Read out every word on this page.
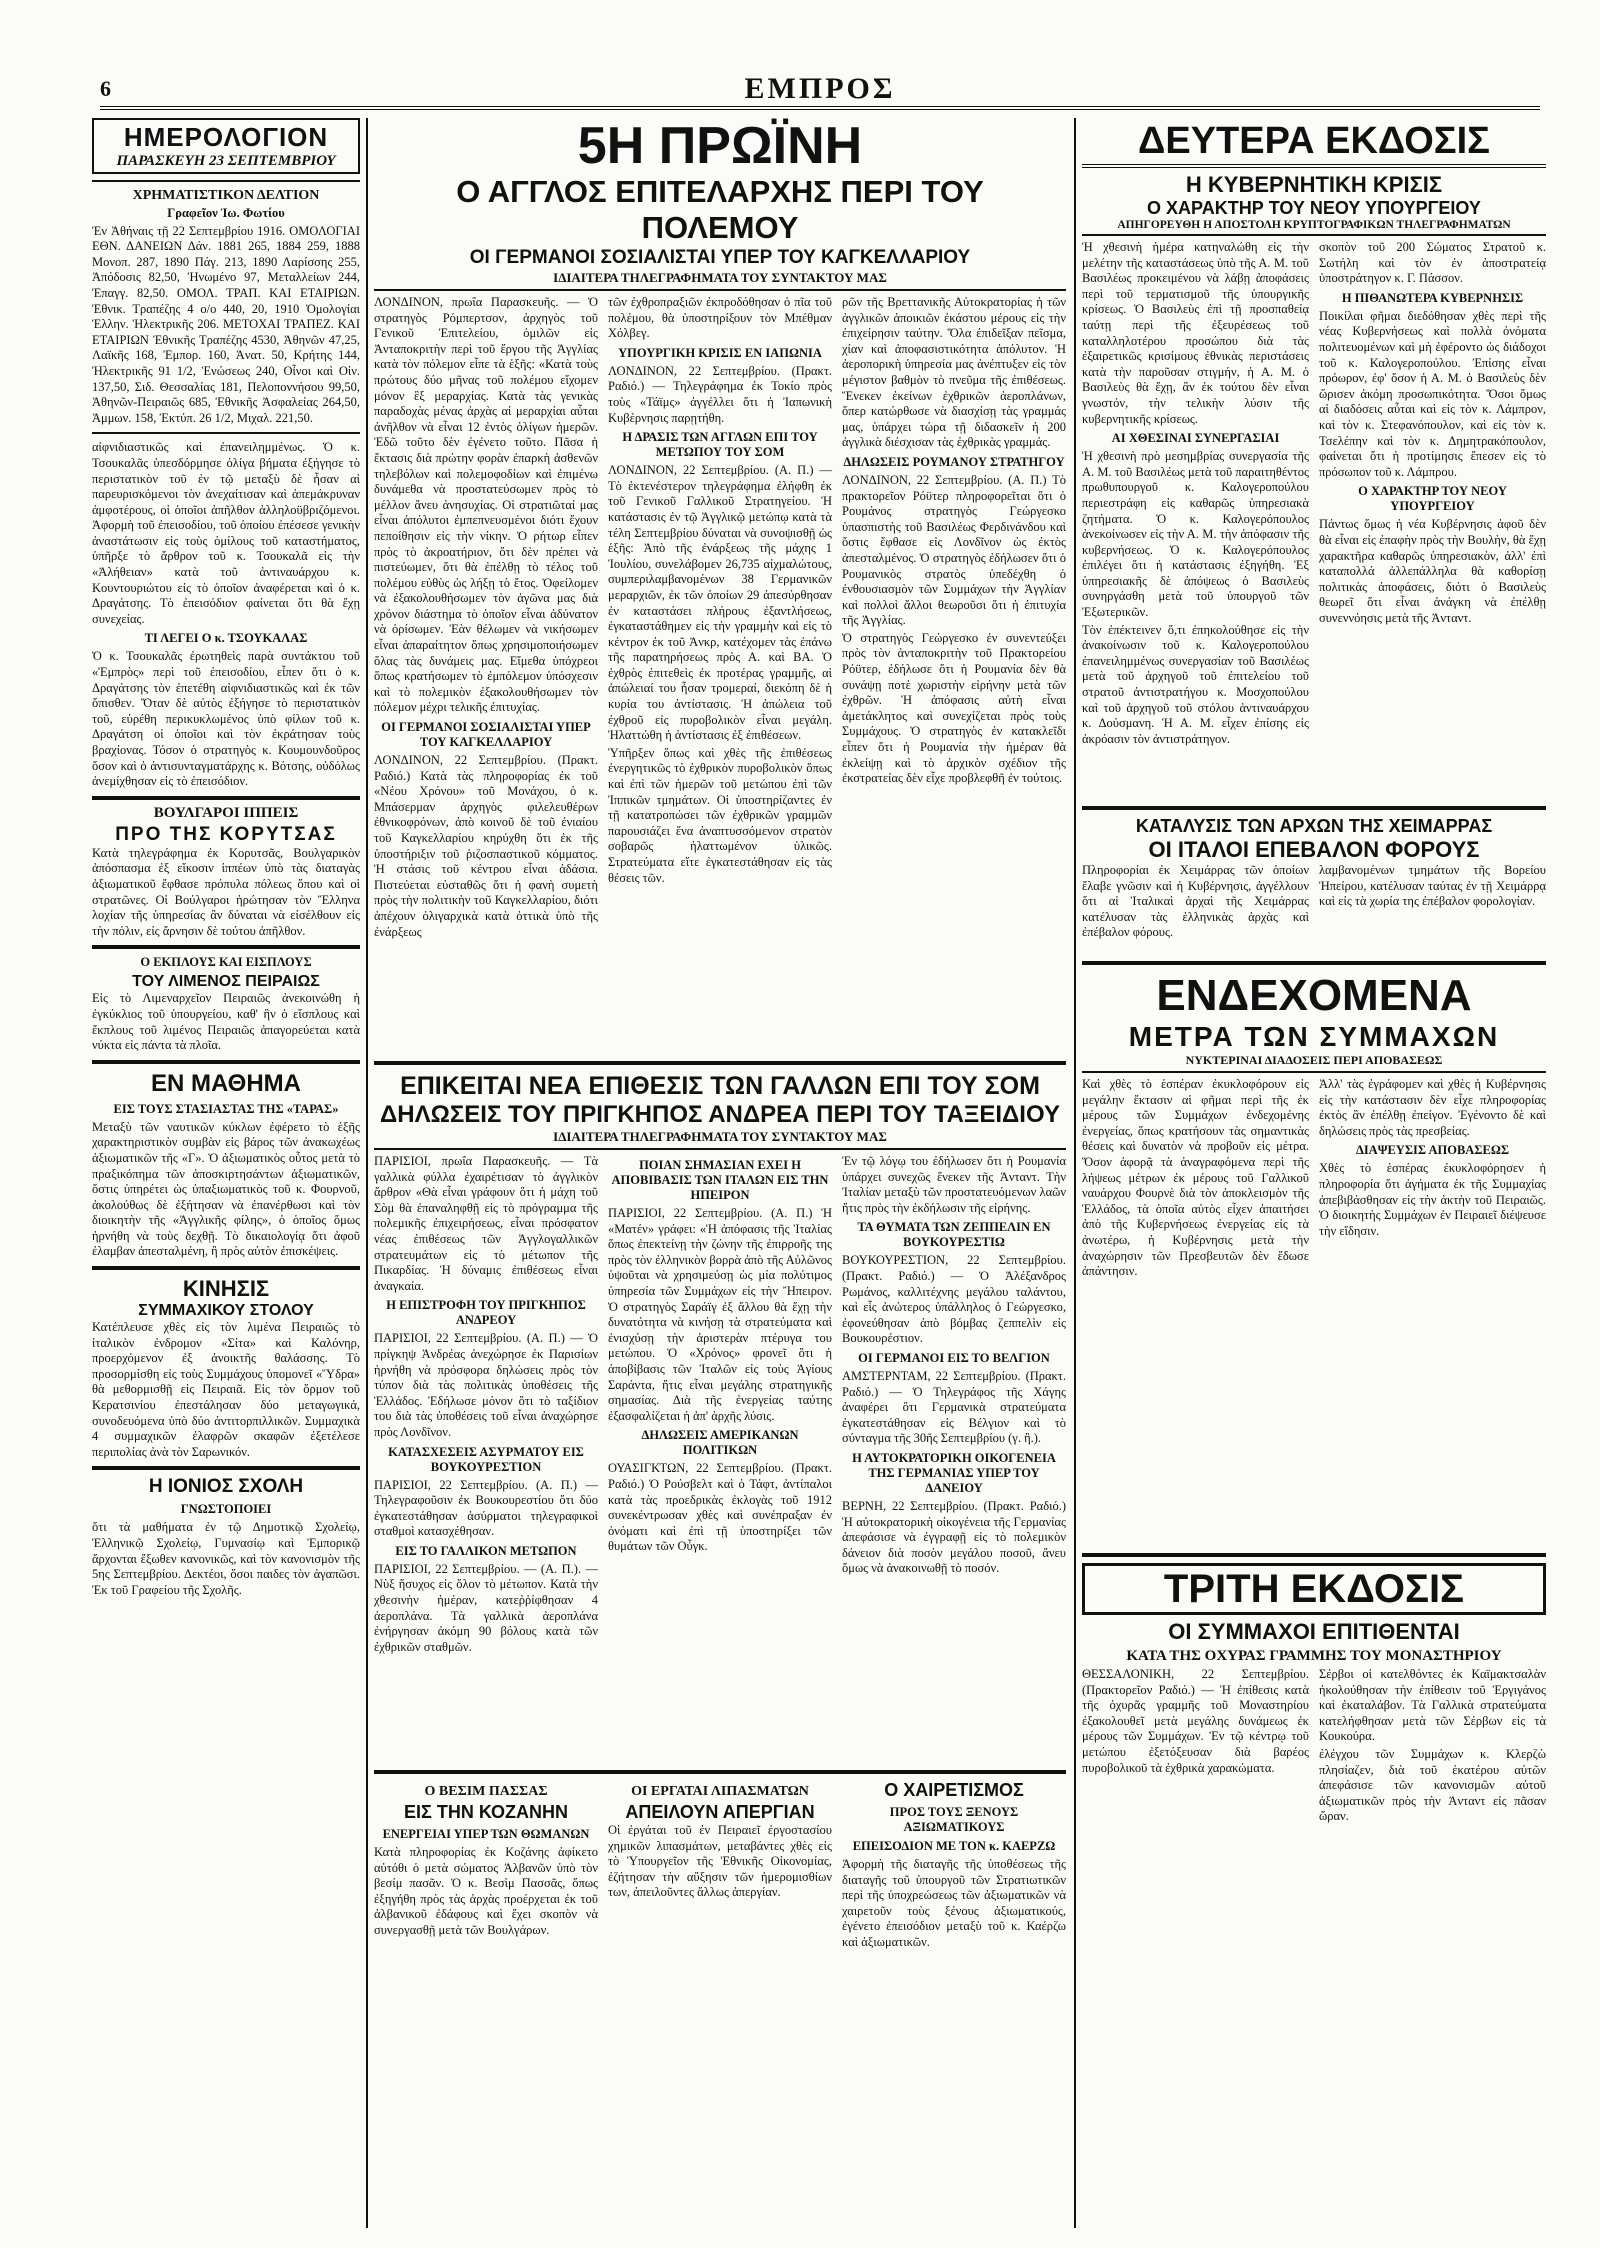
6	ΕΜΠΡΟΣ
ΗΜΕΡΟΛΟΓΙΟΝ
ΠΑΡΑΣΚΕΥΗ 23 ΣΕΠΤΕΜΒΡΙΟΥ
ΧΡΗΜΑΤΙΣΤΙΚΟΝ ΔΕΛΤΙΟΝ

Γραφεῖον Ἰω. Φωτίου

Ἐν Ἀθήναις τῇ 22 Σεπτεμβρίου 1916. ΟΜΟΛΟΓΙΑΙ ΕΘΝ. ΔΑΝΕΙΩΝ Δάν. 1881 265, 1884 259, 1888 Μονοπ. 287, 1890 Πάγ. 213, 1890 Λαρίσσης 255, Ἀπόδοσις 82,50, Ἠνωμένο 97, Μεταλλείων 244, Ἐπαγγ. 82,50. ΟΜΟΛ. ΤΡΑΠ. ΚΑΙ ΕΤΑΙΡΙΩΝ. Ἐθνικ. Τραπέζης 4 ο/ο 440, 20, 1910 Ὁμολογίαι Ἑλλην. Ἠλεκτρικῆς 206. ΜΕΤΟΧΑΙ ΤΡΑΠΕΖ. ΚΑΙ ΕΤΑΙΡΙΩΝ Ἐθνικῆς Τραπέζης 4530, Ἀθηνῶν 47,25, Λαϊκῆς 168, Ἐμπορ. 160, Ἀνατ. 50, Κρήτης 144, Ἠλεκτρικῆς 91 1/2, Ἑνώσεως 240, Οἶνοι καὶ Οἰν. 137,50, Σιδ. Θεσσαλίας 181, Πελοποννήσου 99,50, Ἀθηνῶν-Πειραιῶς 685, Ἐθνικῆς Ἀσφαλείας 264,50, Ἀμμων. 158, Ἐκτύπ. 26 1/2, Μιχαλ. 221,50.

αἰφνιδιαστικῶς καὶ ἐπανειλημμένως. Ὁ κ. Τσουκαλᾶς ὑπεσδόρμησε ὀλίγα βήματα ἐξήγησε τὸ περιστατικὸν τοῦ ἐν τῷ μεταξὺ δὲ ἦσαν αἱ παρευρισκόμενοι τὸν ἀνεχαίτισαν καὶ ἀπεμάκρυναν ἀμφοτέρους, οἱ ὁποῖοι ἀπῆλθον ἀλληλοϋβριζόμενοι. Ἀφορμὴ τοῦ ἐπεισοδίου, τοῦ ὁποίου ἐπέσεσε γενικὴν ἀναστάτωσιν εἰς τοὺς ὁμίλους τοῦ καταστήματος, ὑπῆρξε τὸ ἄρθρον τοῦ κ. Τσουκαλᾶ εἰς τὴν «Ἀλήθειαν» κατὰ τοῦ ἀντιναυάρχου κ. Κουντουριώτου εἰς τὸ ὁποῖον ἀναφέρεται καὶ ὁ κ. Δραγάτσης. Τὸ ἐπεισόδιον φαίνεται ὅτι θὰ ἔχῃ συνεχείας.

ΤΙ ΛΕΓΕΙ Ο κ. ΤΣΟΥΚΑΛΑΣ

Ὁ κ. Τσουκαλᾶς ἐρωτηθεὶς παρὰ συντάκτου τοῦ «Ἐμπρὸς» περὶ τοῦ ἐπεισοδίου, εἶπεν ὅτι ὁ κ. Δραγάτσης τὸν ἐπετέθη αἰφνιδιαστικῶς καὶ ἐκ τῶν ὄπισθεν. Ὅταν δὲ αὐτὸς ἐξήγησε τὸ περιστατικὸν τοῦ, εὑρέθη περικυκλωμένος ὑπὸ φίλων τοῦ κ. Δραγάτση οἱ ὁποῖοι καὶ τὸν ἐκράτησαν τοὺς βραχίονας. Τόσον ὁ στρατηγὸς κ. Κουμουνδοῦρος ὅσον καὶ ὁ ἀντισυνταγματάρχης κ. Βότσης, οὐδόλως ἀνεμίχθησαν εἰς τὸ ἐπεισόδιον.

ΒΟΥΛΓΑΡΟΙ ΙΠΠΕΙΣ
ΠΡΟ ΤΗΣ ΚΟΡΥΤΣΑΣ

Κατὰ τηλεγράφημα ἐκ Κορυτσᾶς, Βουλγαρικὸν ἀπόσπασμα ἐξ εἴκοσιν ἱππέων ὑπὸ τὰς διαταγὰς ἀξιωματικοῦ ἔφθασε πρόπυλα πόλεως ὅπου καὶ οἱ στρατῶνες. Οἱ Βούλγαροι ἠρώτησαν τὸν Ἕλληνα λοχίαν τῆς ὑπηρεσίας ἂν δύναται νὰ εἰσέλθουν εἰς τὴν πόλιν, εἰς ἄρνησιν δὲ τούτου ἀπῆλθον.

Ο ΕΚΠΛΟΥΣ ΚΑΙ ΕΙΣΠΛΟΥΣ
ΤΟΥ ΛΙΜΕΝΟΣ ΠΕΙΡΑΙΩΣ

Εἰς τὸ Λιμεναρχεῖον Πειραιῶς ἀνεκοινώθη ἡ ἐγκύκλιος τοῦ ὑπουργείου, καθ' ἣν ὁ εἴσπλους καὶ ἔκπλους τοῦ λιμένος Πειραιῶς ἀπαγορεύεται κατὰ νύκτα εἰς πάντα τὰ πλοῖα.

ΕΝ ΜΑΘΗΜΑ
ΕΙΣ ΤΟΥΣ ΣΤΑΣΙΑΣΤΑΣ ΤΗΣ «ΤΑΡΑΣ»

Μεταξὺ τῶν ναυτικῶν κύκλων ἐφέρετο τὸ ἑξῆς χαρακτηριστικὸν συμβὰν εἰς βάρος τῶν ἀνακωχέως ἀξιωματικῶν τῆς «Γ». Ὁ ἀξιωματικὸς οὗτος μετὰ τὸ πραξικόπημα τῶν ἀποσκιρτησάντων ἀξιωματικῶν, ὅστις ὑπηρέτει ὡς ὑπαξιωματικὸς τοῦ κ. Φουρνοῦ, ἀκολούθως δὲ ἐξήτησαν νὰ ἐπανέρθωσι καὶ τὸν διοικητὴν τῆς «Ἀγγλικῆς φίλης», ὁ ὁποῖος ὅμως ἠρνήθη νὰ τοὺς δεχθῇ. Τὸ δικαιολογίᾳ ὅτι ἀφοῦ ἐλαμβαν ἀπεσταλμένη, ἢ πρὸς αὐτὸν ἐπισκέψεις.

ΚΙΝΗΣΙΣ
ΣΥΜΜΑΧΙΚΟΥ ΣΤΟΛΟΥ

Κατέπλευσε χθὲς εἰς τὸν λιμένα Πειραιῶς τὸ ἰταλικὸν ἐνδρομον «Σίτα» καὶ Καλόνηρ, προερχόμενον ἐξ ἀνοικτῆς θαλάσσης. Τὸ προσορμίσθη εἰς τοὺς Συμμάχους ὑπομονεῖ «Ὕδρα» θὰ μεθορμισθῇ εἰς Πειραιᾶ. Εἰς τὸν ὅρμον τοῦ Κερατσινίου ἐπεστάλησαν δύο μεταγωγικά, συνοδευόμενα ὑπὸ δύο ἀντιτορπιλλικῶν. Συμμαχικὰ 4 συμμαχικῶν ἐλαφρῶν σκαφῶν ἐξετέλεσε περιπολίας ἀνὰ τὸν Σαρωνικόν.

Η ΙΟΝΙΟΣ ΣΧΟΛΗ
ΓΝΩΣΤΟΠΟΙΕΙ

ὅτι τὰ μαθήματα ἐν τῷ Δημοτικῷ Σχολείῳ, Ἑλληνικῷ Σχολείῳ, Γυμνασίῳ καὶ Ἐμπορικῷ ἄρχονται ἔξωθεν κανονικῶς, καὶ τὸν κανονισμὸν τῆς 5ης Σεπτεμβρίου. Δεκτέοι, ὅσοι παιδες τὸν ἀγαπῶσι. Ἐκ τοῦ Γραφείου τῆς Σχολῆς.

5Η ΠΡΩΪΝΗ
Ο ΑΓΓΛΟΣ ΕΠΙΤΕΛΑΡΧΗΣ ΠΕΡΙ ΤΟΥ ΠΟΛΕΜΟΥ
ΟΙ ΓΕΡΜΑΝΟΙ ΣΟΣΙΑΛΙΣΤΑΙ ΥΠΕΡ ΤΟΥ ΚΑΓΚΕΛΛΑΡΙΟΥ
ΙΔΙΑΙΤΕΡΑ ΤΗΛΕΓΡΑΦΗΜΑΤΑ ΤΟΥ ΣΥΝΤΑΚΤΟΥ ΜΑΣ

ΛΟΝΔΙΝΟΝ, πρωΐα Παρασκευῆς. — Ὁ στρατηγὸς Ρόμπερτσον, ἀρχηγὸς τοῦ Γενικοῦ Ἐπιτελείου, ὁμιλῶν εἰς Ἀνταποκριτὴν περὶ τοῦ ἔργου τῆς Ἀγγλίας κατὰ τὸν πόλεμον εἶπε τὰ ἑξῆς: «Κατὰ τοὺς πρώτους δύο μῆνας τοῦ πολέμου εἴχομεν μόνον ἓξ μεραρχίας. Κατὰ τὰς γενικὰς παραδοχὰς μένας ἀρχὰς αἱ μεραρχίαι αὗται ἀνῆλθον νὰ εἶναι 12 ἐντὸς ὀλίγων ἡμερῶν. Ἐδῶ τοῦτο δὲν ἐγένετο τοῦτο. Πᾶσα ἡ ἔκτασις διὰ πρώτην φορὰν ἐπαρκὴ ἀσθενῶν τηλεβόλων καὶ πολεμοφοδίων καὶ ἐπιμένω δυνάμεθα νὰ προστατεύσωμεν πρὸς τὸ μέλλον ἄνευ ἀνησυχίας. Οἱ στρατιῶταί μας εἶναι ἀπόλυτοι ἐμπεπνευσμένοι διότι ἔχουν πεποίθησιν εἰς τὴν νίκην. Ὁ ρήτωρ εἶπεν πρὸς τὸ ἀκροατήριον, ὅτι δὲν πρέπει νὰ πιστεύωμεν, ὅτι θὰ ἐπέλθῃ τὸ τέλος τοῦ πολέμου εὐθὺς ὡς λήξῃ τὸ ἔτος. Ὀφείλομεν νὰ ἐξακολουθήσωμεν τὸν ἀγῶνα μας διὰ χρόνον διάστημα τὸ ὁποῖον εἶναι ἀδύνατον νὰ ὁρίσωμεν. Ἐὰν θέλωμεν νὰ νικήσωμεν εἶναι ἀπαραίτητον ὅπως χρησιμοποιήσωμεν ὅλας τὰς δυνάμεις μας. Εἴμεθα ὑπόχρεοι ὅπως κρατήσωμεν τὸ ἐμπόλεμον ὑπόσχεσιν καὶ τὸ πολεμικὸν ἐξακολουθήσωμεν τὸν πόλεμον μέχρι τελικῆς ἐπιτυχίας.

ΟΙ ΓΕΡΜΑΝΟΙ ΣΟΣΙΑΛΙΣΤΑΙ ΥΠΕΡ ΤΟΥ ΚΑΓΚΕΛΛΑΡΙΟΥ

ΛΟΝΔΙΝΟΝ, 22 Σεπτεμβρίου. (Πρακτ. Ραδιό.) Κατὰ τὰς πληροφορίας ἐκ τοῦ «Νέου Χρόνου» τοῦ Μονάχου, ὁ κ. Μπάσερμαν ἀρχηγὸς φιλελευθέρων ἐθνικοφρόνων, ἀπὸ κοινοῦ δὲ τοῦ ἐνιαίου τοῦ Καγκελλαρίου κηρύχθη ὅτι ἐκ τῆς ὑποστήριξιν τοῦ ῥιζοσπαστικοῦ κόμματος. Ἡ στάσις τοῦ κέντρου εἶναι ἀδάσια. Πιστεύεται εὐσταθῶς ὅτι ἡ φανὴ συμετὴ πρὸς τὴν πολιτικὴν τοῦ Καγκελλαρίου, διότι ἀπέχουν ὀλιγαρχικὰ κατὰ ὀττικὰ ὑπὸ τῆς ἐνάρξεως

τῶν ἐχθροπραξιῶν ἐκπροδόθησαν ὁ πῖα τοῦ πολέμου, θὰ ὑποστηρίξουν τὸν Μπέθμαν Χόλβεγ.

ΥΠΟΥΡΓΙΚΗ ΚΡΙΣΙΣ ΕΝ ΙΑΠΩΝΙΑ

ΛΟΝΔΙΝΟΝ, 22 Σεπτεμβρίου. (Πρακτ. Ραδιό.) — Τηλεγράφημα ἐκ Τοκίο πρὸς τοὺς «Τάϊμς» ἀγγέλλει ὅτι ἡ Ἰαπωνικὴ Κυβέρνησις παρῃτήθη.

Η ΔΡΑΣΙΣ ΤΩΝ ΑΓΓΛΩΝ ΕΠΙ ΤΟΥ ΜΕΤΩΠΟΥ ΤΟΥ ΣΟΜ

ΛΟΝΔΙΝΟΝ, 22 Σεπτεμβρίου. (Α. Π.) — Τὸ ἐκτενέστερον τηλεγράφημα ἐλήφθη ἐκ τοῦ Γενικοῦ Γαλλικοῦ Στρατηγείου. Ἡ κατάστασις ἐν τῷ Ἀγγλικῷ μετώπῳ κατὰ τὰ τέλη Σεπτεμβρίου δύναται νὰ συνοψισθῇ ὡς ἑξῆς: Ἀπὸ τῆς ἐνάρξεως τῆς μάχης 1 Ἰουλίου, συνελάβομεν 26,735 αἰχμαλώτους, συμπεριλαμβανομένων 38 Γερμανικῶν μεραρχιῶν, ἐκ τῶν ὁποίων 29 ἀπεσύρθησαν ἐν καταστάσει πλήρους ἐξαντλήσεως, ἐγκαταστάθημεν εἰς τὴν γραμμὴν καὶ εἰς τὸ κέντρον ἐκ τοῦ Ἀνκρ, κατέχομεν τὰς ἐπάνω τῆς παρατηρήσεως πρὸς Α. καὶ ΒΑ. Ὁ ἐχθρὸς ἐπιτεθεὶς ἐκ προτέρας γραμμῆς, αἱ ἀπώλειαί του ἦσαν τρομεραί, διεκόπη δὲ ἡ κυρία του ἀντίστασις. Ἡ ἀπώλεια τοῦ ἐχθροῦ εἰς πυροβολικὸν εἶναι μεγάλη. Ἠλαττώθη ἡ ἀντίστασις ἐξ ἐπιθέσεων.

Ὑπῆρξεν ὅπως καὶ χθὲς τῆς ἐπιθέσεως ἐνεργητικῶς τὸ ἐχθρικὸν πυροβολικὸν ὅπως καὶ ἐπὶ τῶν ἡμερῶν τοῦ μετώπου ἐπὶ τῶν Ἰππικῶν τμημάτων. Οἱ ὑποστηρίζαντες ἐν τῇ κατατροπώσει τῶν ἐχθρικῶν γραμμῶν παρουσιάζει ἕνα ἀναπτυσσόμενον στρατὸν σοβαρῶς ἠλαττωμένον ὑλικῶς. Στρατεύματα εἴτε ἐγκατεστάθησαν εἰς τὰς θέσεις τῶν.

ρῶν τῆς Βρεττανικῆς Αὐτοκρατορίας ἡ τῶν ἀγγλικῶν ἀποικιῶν ἐκάστου μέρους εἰς τὴν ἐπιχείρησιν ταύτην. Ὅλα ἐπιδεῖξαν πεῖσμα, χίαν καὶ ἀποφασιστικότητα ἀπόλυτον. Ἡ ἀεροπορικὴ ὑπηρεσία μας ἀνέπτυξεν εἰς τὸν μέγιστον βαθμὸν τὸ πνεῦμα τῆς ἐπιθέσεως. Ἕνεκεν ἐκείνων ἐχθρικῶν ἀεροπλάνων, ὅπερ κατώρθωσε νὰ διασχίσῃ τὰς γραμμάς μας, ὑπάρχει τώρα τῇ διδασκεῖν ἡ 200 ἀγγλικὰ διέσχισαν τὰς ἐχθρικὰς γραμμάς.

ΔΗΛΩΣΕΙΣ ΡΟΥΜΑΝΟΥ ΣΤΡΑΤΗΓΟΥ

ΛΟΝΔΙΝΟΝ, 22 Σεπτεμβρίου. (Α. Π.) Τὸ πρακτορεῖον Ρόϋτερ πληροφορεῖται ὅτι ὁ Ρουμάνος στρατηγὸς Γεώργεσκο ὑπασπιστὴς τοῦ Βασιλέως Φερδινάνδου καὶ ὅστις ἔφθασε εἰς Λονδῖνον ὡς ἐκτὸς ἀπεσταλμένος. Ὁ στρατηγὸς ἐδήλωσεν ὅτι ὁ Ρουμανικὸς στρατὸς ὑπεδέχθη ὁ ἐνθουσιασμὸν τῶν Συμμάχων τὴν Ἀγγλίαν καὶ πολλοὶ ἄλλοι θεωροῦσι ὅτι ἡ ἐπιτυχία τῆς Ἀγγλίας.

Ὁ στρατηγὸς Γεώργεσκο ἐν συνεντεύξει πρὸς τὸν ἀνταποκριτὴν τοῦ Πρακτορείου Ρόϋτερ, ἐδήλωσε ὅτι ἡ Ρουμανία δὲν θὰ συνάψῃ ποτὲ χωριστὴν εἰρήνην μετὰ τῶν ἐχθρῶν. Ἡ ἀπόφασις αὐτὴ εἶναι ἀμετάκλητος καὶ συνεχίζεται πρὸς τοὺς Συμμάχους. Ὁ στρατηγὸς ἐν κατακλεῖδι εἶπεν ὅτι ἡ Ρουμανία τὴν ἡμέραν θὰ ἐκλείψῃ καὶ τὸ ἀρχικὸν σχέδιον τῆς ἐκστρατείας δὲν εἶχε προβλεφθῆ ἐν τούτοις.

ΕΠΙΚΕΙΤΑΙ ΝΕΑ ΕΠΙΘΕΣΙΣ ΤΩΝ ΓΑΛΛΩΝ ΕΠΙ ΤΟΥ ΣΟΜ
ΔΗΛΩΣΕΙΣ ΤΟΥ ΠΡΙΓΚΗΠΟΣ ΑΝΔΡΕΑ ΠΕΡΙ ΤΟΥ ΤΑΞΕΙΔΙΟΥ
ΙΔΙΑΙΤΕΡΑ ΤΗΛΕΓΡΑΦΗΜΑΤΑ ΤΟΥ ΣΥΝΤΑΚΤΟΥ ΜΑΣ

ΠΑΡΙΣΙΟΙ, πρωΐα Παρασκευῆς. — Τὰ γαλλικὰ φύλλα ἐχαιρέτισαν τὸ ἀγγλικὸν ἄρθρον «Θὰ εἶναι γράφουν ὅτι ἡ μάχη τοῦ Σὸμ θὰ ἐπαναληφθῇ εἰς τὸ πρόγραμμα τῆς πολεμικῆς ἐπιχειρήσεως, εἶναι πρόσφατον νέας ἐπιθέσεως τῶν Ἀγγλογαλλικῶν στρατευμάτων εἰς τὸ μέτωπον τῆς Πικαρδίας. Ἡ δύναμις ἐπιθέσεως εἶναι ἀναγκαία.

Η ΕΠΙΣΤΡΟΦΗ ΤΟΥ ΠΡΙΓΚΗΠΟΣ ΑΝΔΡΕΟΥ

ΠΑΡΙΣΙΟΙ, 22 Σεπτεμβρίου. (Α. Π.) — Ὁ πρίγκηψ Ἀνδρέας ἀνεχώρησε ἐκ Παρισίων ἡρνήθη νὰ πρόσφορα δηλώσεις πρὸς τὸν τύπον διὰ τὰς πολιτικὰς ὑποθέσεις τῆς Ἑλλάδος. Ἐδήλωσε μόνον ὅτι τὸ ταξίδιον του διὰ τὰς ὑποθέσεις τοῦ εἶναι ἀναχώρησε πρὸς Λονδῖνον.

ΚΑΤΑΣΧΕΣΕΙΣ ΑΣΥΡΜΑΤΟΥ ΕΙΣ ΒΟΥΚΟΥΡΕΣΤΙΟΝ

ΠΑΡΙΣΙΟΙ, 22 Σεπτεμβρίου. (Α. Π.) — Τηλεγραφοῦσιν ἐκ Βουκουρεστίου ὅτι δύο ἐγκατεστάθησαν ἀσύρματοι τηλεγραφικοὶ σταθμοὶ κατασχέθησαν.

ΕΙΣ ΤΟ ΓΑΛΛΙΚΟΝ ΜΕΤΩΠΟΝ

ΠΑΡΙΣΙΟΙ, 22 Σεπτεμβρίου. — (Α. Π.). — Νὺξ ἥσυχος εἰς ὅλον τὸ μέτωπον. Κατὰ τὴν χθεσινὴν ἡμέραν, κατεῤῥίφθησαν 4 ἀεροπλάνα. Τὰ γαλλικὰ ἀεροπλάνα ἐνήργησαν ἀκόμη 90 βόλους κατὰ τῶν ἐχθρικῶν σταθμῶν.

ΠΟΙΑΝ ΣΗΜΑΣΙΑΝ ΕΧΕΙ Η ΑΠΟΒΙΒΑΣΙΣ ΤΩΝ ΙΤΑΛΩΝ ΕΙΣ ΤΗΝ ΗΠΕΙΡΟΝ

ΠΑΡΙΣΙΟΙ, 22 Σεπτεμβρίου. (Α. Π.) Ἡ «Ματέν» γράφει: «Ἡ ἀπόφασις τῆς Ἰταλίας ὅπως ἐπεκτείνῃ τὴν ζώνην τῆς ἐπιρροῆς της πρὸς τὸν ἐλληνικὸν βορρὰ ἀπὸ τῆς Αὐλῶνος ὑψοῦται νὰ χρησιμεύσῃ ὡς μία πολύτιμος ὑπηρεσία τῶν Συμμάχων εἰς τὴν Ἤπειρον. Ὁ στρατηγὸς Σαράϊγ ἐξ ἄλλου θὰ ἔχῃ τὴν δυνατότητα νὰ κινήσῃ τὰ στρατεύματα καὶ ἐνισχύσῃ τὴν ἀριστερὰν πτέρυγα του μετώπου. Ὁ «Χρόνος» φρονεῖ ὅτι ἡ ἀποβίβασις τῶν Ἰταλῶν εἰς τοὺς Ἁγίους Σαράντα, ἥτις εἶναι μεγάλης στρατηγικῆς σημασίας. Διὰ τῆς ἐνεργείας ταύτης ἐξασφαλίζεται ἡ ἀπ' ἀρχῆς λύσις.

ΔΗΛΩΣΕΙΣ ΑΜΕΡΙΚΑΝΩΝ ΠΟΛΙΤΙΚΩΝ

ΟΥΑΣΙΓΚΤΩΝ, 22 Σεπτεμβρίου. (Πρακτ. Ραδιό.) Ὁ Ρούσβελτ καὶ ὁ Τάφτ, ἀντίπαλοι κατὰ τὰς προεδρικὰς ἐκλογὰς τοῦ 1912 συνεκέντρωσαν χθὲς καὶ συνέπραξαν ἐν ὀνόματι καὶ ἐπὶ τῇ ὑποστηρίξει τῶν θυμάτων τῶν Οὖγκ.

Ἐν τῷ λόγῳ του ἐδήλωσεν ὅτι ἡ Ρουμανία ὑπάρχει συνεχῶς ἕνεκεν τῆς Ἀνταντ. Τὴν Ἰταλίαν μεταξὺ τῶν προστατευόμενων λαῶν ἥτις πρὸς τὴν ἐκδήλωσιν τῆς εἰρήνης.

ΤΑ ΘΥΜΑΤΑ ΤΩΝ ΖΕΠΠΕΛΙΝ ΕΝ ΒΟΥΚΟΥΡΕΣΤΙΩ

ΒΟΥΚΟΥΡΕΣΤΙΟΝ, 22 Σεπτεμβρίου. (Πρακτ. Ραδιό.) — Ὁ Ἀλέξανδρος Ρωμάνος, καλλιτέχνης μεγάλου ταλάντου, καὶ εἷς ἀνώτερος ὑπάλληλος ὁ Γεώργεσκο, ἐφονεύθησαν ἀπὸ βόμβας ζεππελὶν εἰς Βουκουρέστιον.

ΟΙ ΓΕΡΜΑΝΟΙ ΕΙΣ ΤΟ ΒΕΛΓΙΟΝ

ΑΜΣΤΕΡΝΤΑΜ, 22 Σεπτεμβρίου. (Πρακτ. Ραδιό.) — Ὁ Τηλεγράφος τῆς Χάγης ἀναφέρει ὅτι Γερμανικὰ στρατεύματα ἐγκατεστάθησαν εἰς Βέλγιον καὶ τὸ σύνταγμα τῆς 30ῆς Σεπτεμβρίου (γ. ἢ.).

Η ΑΥΤΟΚΡΑΤΟΡΙΚΗ ΟΙΚΟΓΕΝΕΙΑ ΤΗΣ ΓΕΡΜΑΝΙΑΣ ΥΠΕΡ ΤΟΥ ΔΑΝΕΙΟΥ

ΒΕΡΝΗ, 22 Σεπτεμβρίου. (Πρακτ. Ραδιό.) Ἡ αὐτοκρατορικὴ οἰκογένεια τῆς Γερμανίας ἀπεφάσισε νὰ ἐγγραφῇ εἰς τὸ πολεμικὸν δάνειον διὰ ποσὸν μεγάλου ποσοῦ, ἄνευ ὅμως νὰ ἀνακοινωθῇ τὸ ποσόν.

Ο ΒΕΣΙΜ ΠΑΣΣΑΣ
ΕΙΣ ΤΗΝ ΚΟΖΑΝΗΝ
ΕΝΕΡΓΕΙΑΙ ΥΠΕΡ ΤΩΝ ΘΩΜΑΝΩΝ

Κατὰ πληροφορίας ἐκ Κοζάνης ἀφίκετο αὐτόθι ὁ μετὰ σώματος Ἀλβανῶν ὑπὸ τὸν βεσίμ πασᾶν. Ὁ κ. Βεσὶμ Πασσᾶς, ὅπως ἐξηγήθη πρὸς τὰς ἀρχὰς προέρχεται ἐκ τοῦ ἀλβανικοῦ ἐδάφους καὶ ἔχει σκοπὸν νὰ συνεργασθῇ μετὰ τῶν Βουλγάρων.

ΟΙ ΕΡΓΑΤΑΙ ΛΙΠΑΣΜΑΤΩΝ
ΑΠΕΙΛΟΥΝ ΑΠΕΡΓΙΑΝ

Οἱ ἐργάται τοῦ ἐν Πειραιεῖ ἐργοστασίου χημικῶν λιπασμάτων, μεταβάντες χθὲς εἰς τὸ Ὑπουργεῖον τῆς Ἐθνικῆς Οἰκονομίας, ἐζήτησαν τὴν αὔξησιν τῶν ἡμερομισθίων των, ἀπειλοῦντες ἄλλως ἀπεργίαν.

Ο ΧΑΙΡΕΤΙΣΜΟΣ
ΠΡΟΣ ΤΟΥΣ ΞΕΝΟΥΣ ΑΞΙΩΜΑΤΙΚΟΥΣ
ΕΠΕΙΣΟΔΙΟΝ ΜΕ ΤΟΝ κ. ΚΑΕΡΖΩ

Ἀφορμὴ τῆς διαταγῆς τῆς ὑποθέσεως τῆς διαταγῆς τοῦ ὑπουργοῦ τῶν Στρατιωτικῶν περὶ τῆς ὑποχρεώσεως τῶν ἀξιωματικῶν νὰ χαιρετοῦν τοὺς ξένους ἀξιωματικούς, ἐγένετο ἐπεισόδιον μεταξὺ τοῦ κ. Καέρζω καὶ ἀξιωματικῶν.

ΔΕΥΤΕΡΑ ΕΚΔΟΣΙΣ
Η ΚΥΒΕΡΝΗΤΙΚΗ ΚΡΙΣΙΣ
Ο ΧΑΡΑΚΤΗΡ ΤΟΥ ΝΕΟΥ ΥΠΟΥΡΓΕΙΟΥ
ΑΠΗΓΟΡΕΥΘΗ Η ΑΠΟΣΤΟΛΗ ΚΡΥΠΤΟΓΡΑΦΙΚΩΝ ΤΗΛΕΓΡΑΦΗΜΑΤΩΝ

Ἡ χθεσινὴ ἡμέρα κατηναλώθη εἰς τὴν μελέτην τῆς καταστάσεως ὑπὸ τῆς Α. Μ. τοῦ Βασιλέως προκειμένου νὰ λάβῃ ἀποφάσεις περὶ τοῦ τερματισμοῦ τῆς ὑπουργικῆς κρίσεως. Ὁ Βασιλεὺς ἐπὶ τῇ προσπαθείᾳ ταύτῃ περὶ τῆς ἐξευρέσεως τοῦ καταλληλοτέρου προσώπου διὰ τὰς ἐξαιρετικῶς κρισίμους ἐθνικὰς περιστάσεις κατὰ τὴν παροῦσαν στιγμήν, ἡ Α. Μ. ὁ Βασιλεὺς θὰ ἔχῃ, ἂν ἐκ τούτου δὲν εἶναι γνωστόν, τὴν τελικὴν λύσιν τῆς κυβερνητικῆς κρίσεως.

ΑΙ ΧΘΕΣΙΝΑΙ ΣΥΝΕΡΓΑΣΙΑΙ

Ἡ χθεσινὴ πρὸ μεσημβρίας συνεργασία τῆς Α. Μ. τοῦ Βασιλέως μετὰ τοῦ παραιτηθέντος πρωθυπουργοῦ κ. Καλογεροπούλου περιεστράφη εἰς καθαρῶς ὑπηρεσιακὰ ζητήματα. Ὁ κ. Καλογερόπουλος ἀνεκοίνωσεν εἰς τὴν Α. Μ. τὴν ἀπόφασιν τῆς κυβερνήσεως. Ὁ κ. Καλογερόπουλος ἐπιλέγει ὅτι ἡ κατάστασις ἐξηγήθη. Ἐξ ὑπηρεσιακῆς δὲ ἀπόψεως ὁ Βασιλεὺς συνηργάσθη μετὰ τοῦ ὑπουργοῦ τῶν Ἐξωτερικῶν.

Τὸν ἐπέκτεινεν ὅ,τι ἐπηκολούθησε εἰς τὴν ἀνακοίνωσιν τοῦ κ. Καλογεροπούλου ἐπανειλημμένως συνεργασίαν τοῦ Βασιλέως μετὰ τοῦ ἀρχηγοῦ τοῦ ἐπιτελείου τοῦ στρατοῦ ἀντιστρατήγου κ. Μοσχοπούλου καὶ τοῦ ἀρχηγοῦ τοῦ στόλου ἀντιναυάρχου κ. Δούσμανη. Ἡ Α. Μ. εἶχεν ἐπίσης εἰς ἀκρόασιν τὸν ἀντιστράτηγον.

σκοπὸν τοῦ 200 Σώματος Στρατοῦ κ. Σωτήλη καὶ τὸν ἐν ἀποστρατείᾳ ὑποστράτηγον κ. Γ. Πάσσον.

Η ΠΙΘΑΝΩΤΕΡΑ ΚΥΒΕΡΝΗΣΙΣ

Ποικίλαι φῆμαι διεδόθησαν χθὲς περὶ τῆς νέας Κυβερνήσεως καὶ πολλὰ ὀνόματα πολιτευομένων καὶ μὴ ἐφέροντο ὡς διάδοχοι τοῦ κ. Καλογεροπούλου. Ἐπίσης εἶναι πρόωρον, ἐφ' ὅσον ἡ Α. Μ. ὁ Βασιλεὺς δὲν ὥρισεν ἀκόμη προσωπικότητα. Ὅσοι ὅμως αἱ διαδόσεις αὗται καὶ εἰς τὸν κ. Λάμπρον, καὶ τὸν κ. Στεφανόπουλον, καὶ εἰς τὸν κ. Τσελέπην καὶ τὸν κ. Δημητρακόπουλον, φαίνεται ὅτι ἡ προτίμησις ἔπεσεν εἰς τὸ πρόσωπον τοῦ κ. Λάμπρου.

Ο ΧΑΡΑΚΤΗΡ ΤΟΥ ΝΕΟΥ ΥΠΟΥΡΓΕΙΟΥ

Πάντως ὅμως ἡ νέα Κυβέρνησις ἀφοῦ δὲν θὰ εἶναι εἰς ἐπαφὴν πρὸς τὴν Βουλὴν, θὰ ἔχῃ χαρακτῆρα καθαρῶς ὑπηρεσιακὸν, ἀλλ' ἐπὶ καταπολλά ἀλλεπάλληλα θὰ καθορίσῃ πολιτικὰς ἀποφάσεις, διότι ὁ Βασιλεὺς θεωρεῖ ὅτι εἶναι ἀνάγκη νὰ ἐπέλθῃ συνεννόησις μετὰ τῆς Ἀνταντ.

ΚΑΤΑΛΥΣΙΣ ΤΩΝ ΑΡΧΩΝ ΤΗΣ ΧΕΙΜΑΡΡΑΣ
ΟΙ ΙΤΑΛΟΙ ΕΠΕΒΑΛΟΝ ΦΟΡΟΥΣ

Πληροφορίαι ἐκ Χειμάρρας τῶν ὁποίων ἔλαβε γνῶσιν καὶ ἡ Κυβέρνησις, ἀγγέλλουν ὅτι αἱ Ἰταλικαὶ ἀρχαὶ τῆς Χειμάρρας κατέλυσαν τὰς ἑλληνικὰς ἀρχὰς καὶ ἐπέβαλον φόρους.

λαμβανομένων τμημάτων τῆς Βορείου Ἠπείρου, κατέλυσαν ταύτας ἐν τῇ Χειμάρρᾳ καὶ εἰς τὰ χωρία της ἐπέβαλον φορολογίαν.

ΕΝΔΕΧΟΜΕΝΑ
ΜΕΤΡΑ ΤΩΝ ΣΥΜΜΑΧΩΝ
ΝΥΚΤΕΡΙΝΑΙ ΔΙΑΔΟΣΕΙΣ ΠΕΡΙ ΑΠΟΒΑΣΕΩΣ

Καὶ χθὲς τὸ ἑσπέραν ἐκυκλοφόρουν εἰς μεγάλην ἔκτασιν αἱ φῆμαι περὶ τῆς ἐκ μέρους τῶν Συμμάχων ἐνδεχομένης ἐνεργείας, ὅπως κρατήσουν τὰς σημαντικὰς θέσεις καὶ δυνατὸν νὰ προβοῦν εἰς μέτρα. Ὅσον ἀφορᾷ τὰ ἀναγραφόμενα περὶ τῆς λήψεως μέτρων ἐκ μέρους τοῦ Γαλλικοῦ ναυάρχου Φουρνὲ διὰ τὸν ἀποκλεισμὸν τῆς Ἑλλάδος, τὰ ὁποῖα αὐτὸς εἶχεν ἀπαιτήσει ἀπὸ τῆς Κυβερνήσεως ἐνεργείας εἰς τὰ ἀνωτέρω, ἡ Κυβέρνησις μετὰ τὴν ἀναχώρησιν τῶν Πρεσβευτῶν δὲν ἔδωσε ἀπάντησιν.

Ἀλλ' τὰς ἐγράφομεν καὶ χθὲς ἡ Κυβέρνησις εἰς τὴν κατάστασιν δὲν εἶχε πληροφορίας ἐκτὸς ἂν ἐπέλθῃ ἐπείγον. Ἐγένοντο δὲ καὶ δηλώσεις πρὸς τὰς πρεσβείας.

ΔΙΑΨΕΥΣΙΣ ΑΠΟΒΑΣΕΩΣ

Χθὲς τὸ ἑσπέρας ἐκυκλοφόρησεν ἡ πληροφορία ὅτι ἀγήματα ἐκ τῆς Συμμαχίας ἀπεβιβάσθησαν εἰς τὴν ἀκτὴν τοῦ Πειραιῶς. Ὁ διοικητὴς Συμμάχων ἐν Πειραιεῖ διέψευσε τὴν εἴδησιν.

ΤΡΙΤΗ ΕΚΔΟΣΙΣ
ΟΙ ΣΥΜΜΑΧΟΙ ΕΠΙΤΙΘΕΝΤΑΙ
ΚΑΤΑ ΤΗΣ ΟΧΥΡΑΣ ΓΡΑΜΜΗΣ ΤΟΥ ΜΟΝΑΣΤΗΡΙΟΥ

ΘΕΣΣΑΛΟΝΙΚΗ, 22 Σεπτεμβρίου. (Πρακτορεῖον Ραδιό.) — Ἡ ἐπίθεσις κατὰ τῆς ὀχυρᾶς γραμμῆς τοῦ Μοναστηρίου ἐξακολουθεῖ μετὰ μεγάλης δυνάμεως ἐκ μέρους τῶν Συμμάχων. Ἐν τῷ κέντρῳ τοῦ μετώπου ἐξετόξευσαν διὰ βαρέος πυροβολικοῦ τὰ ἐχθρικὰ χαρακώματα.

Σέρβοι οἱ κατελθόντες ἐκ Καϊμακτσαλὰν ἠκολούθησαν τὴν ἐπίθεσιν τοῦ Ἐργιγάνος καὶ ἐκαταλάβον. Τὰ Γαλλικὰ στρατεύματα κατελήφθησαν μετὰ τῶν Σέρβων εἰς τὰ Κουκούρα.

ἐλέγχου τῶν Συμμάχων κ. Κλερζὼ πλησίαζεν, διὰ τοῦ ἑκατέρου αὐτῶν ἀπεφάσισε τῶν κανονισμῶν αὐτοῦ ἀξιωματικῶν πρὸς τὴν Ἀνταντ εἰς πᾶσαν ὥραν.
